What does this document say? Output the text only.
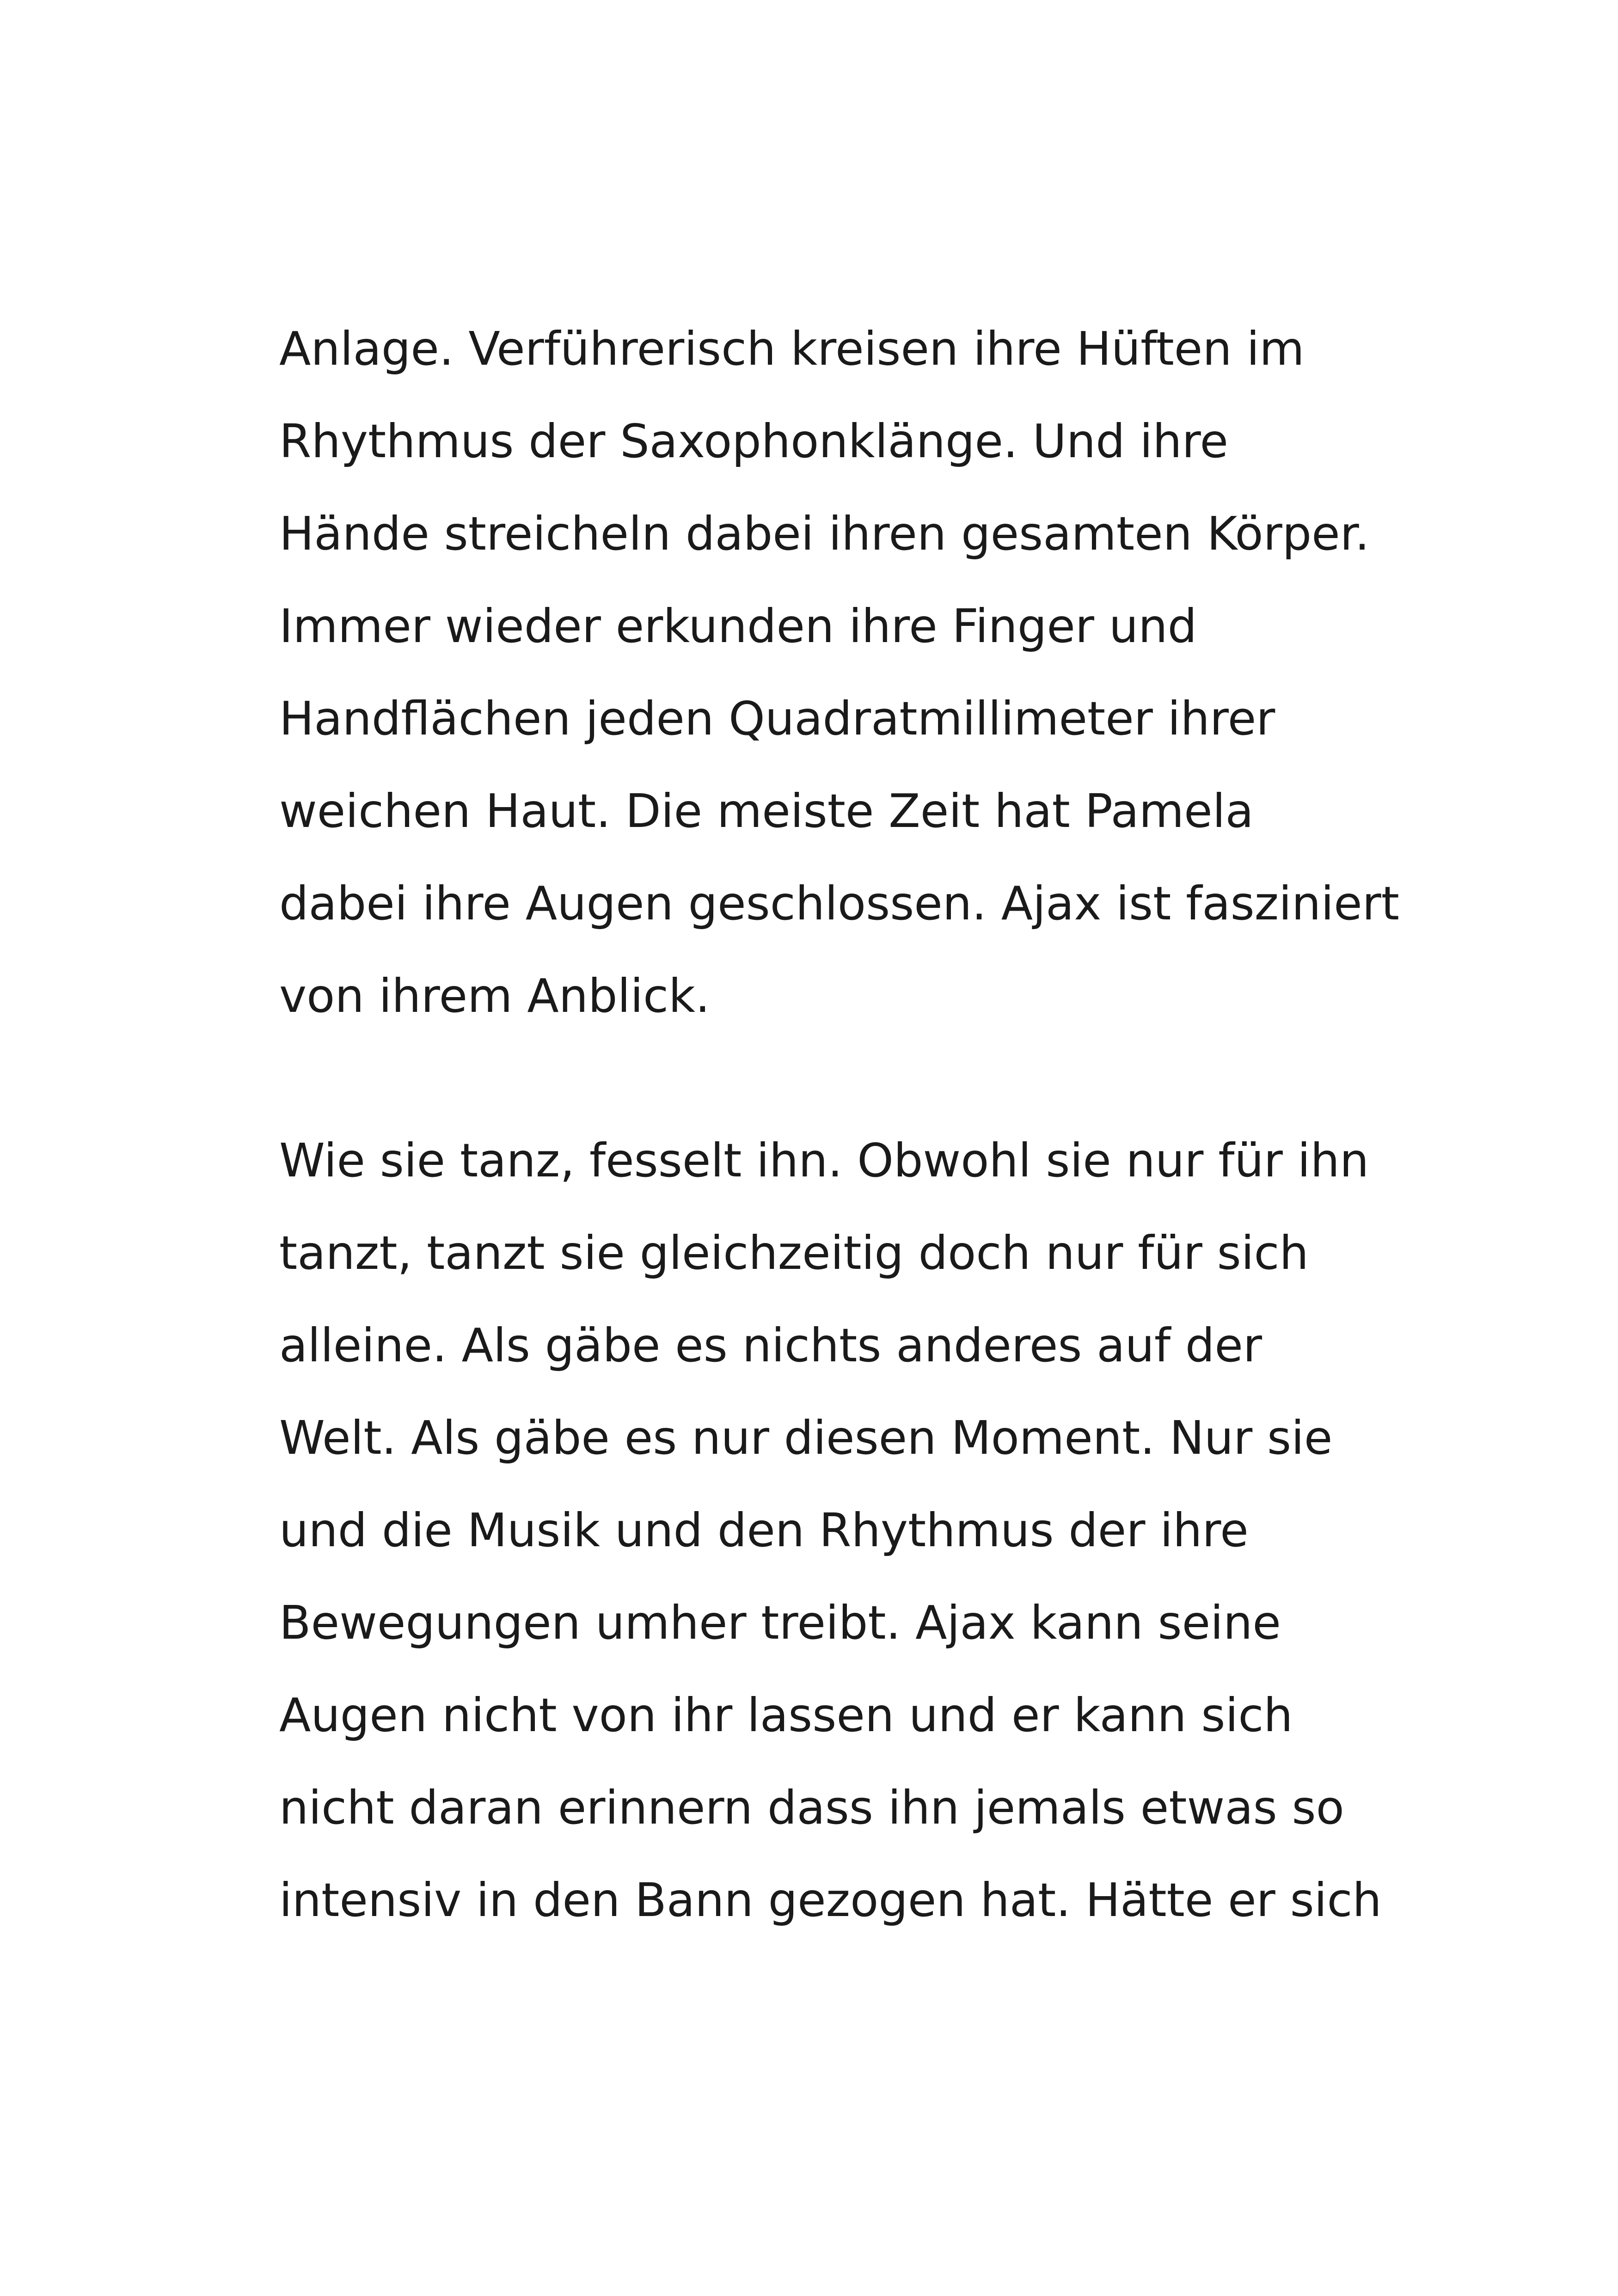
Anlage. Verführerisch kreisen ihre Hüften im
Rhythmus der Saxophonklänge. Und ihre
Hände streicheln dabei ihren gesamten Körper.
Immer wieder erkunden ihre Finger und
Handflächen jeden Quadratmillimeter ihrer
weichen Haut. Die meiste Zeit hat Pamela
dabei ihre Augen geschlossen. Ajax ist fasziniert
von ihrem Anblick.
Wie sie tanz, fesselt ihn. Obwohl sie nur für ihn
tanzt, tanzt sie gleichzeitig doch nur für sich
alleine. Als gäbe es nichts anderes auf der
Welt. Als gäbe es nur diesen Moment. Nur sie
und die Musik und den Rhythmus der ihre
Bewegungen umher treibt. Ajax kann seine
Augen nicht von ihr lassen und er kann sich
nicht daran erinnern dass ihn jemals etwas so
intensiv in den Bann gezogen hat. Hätte er sich
